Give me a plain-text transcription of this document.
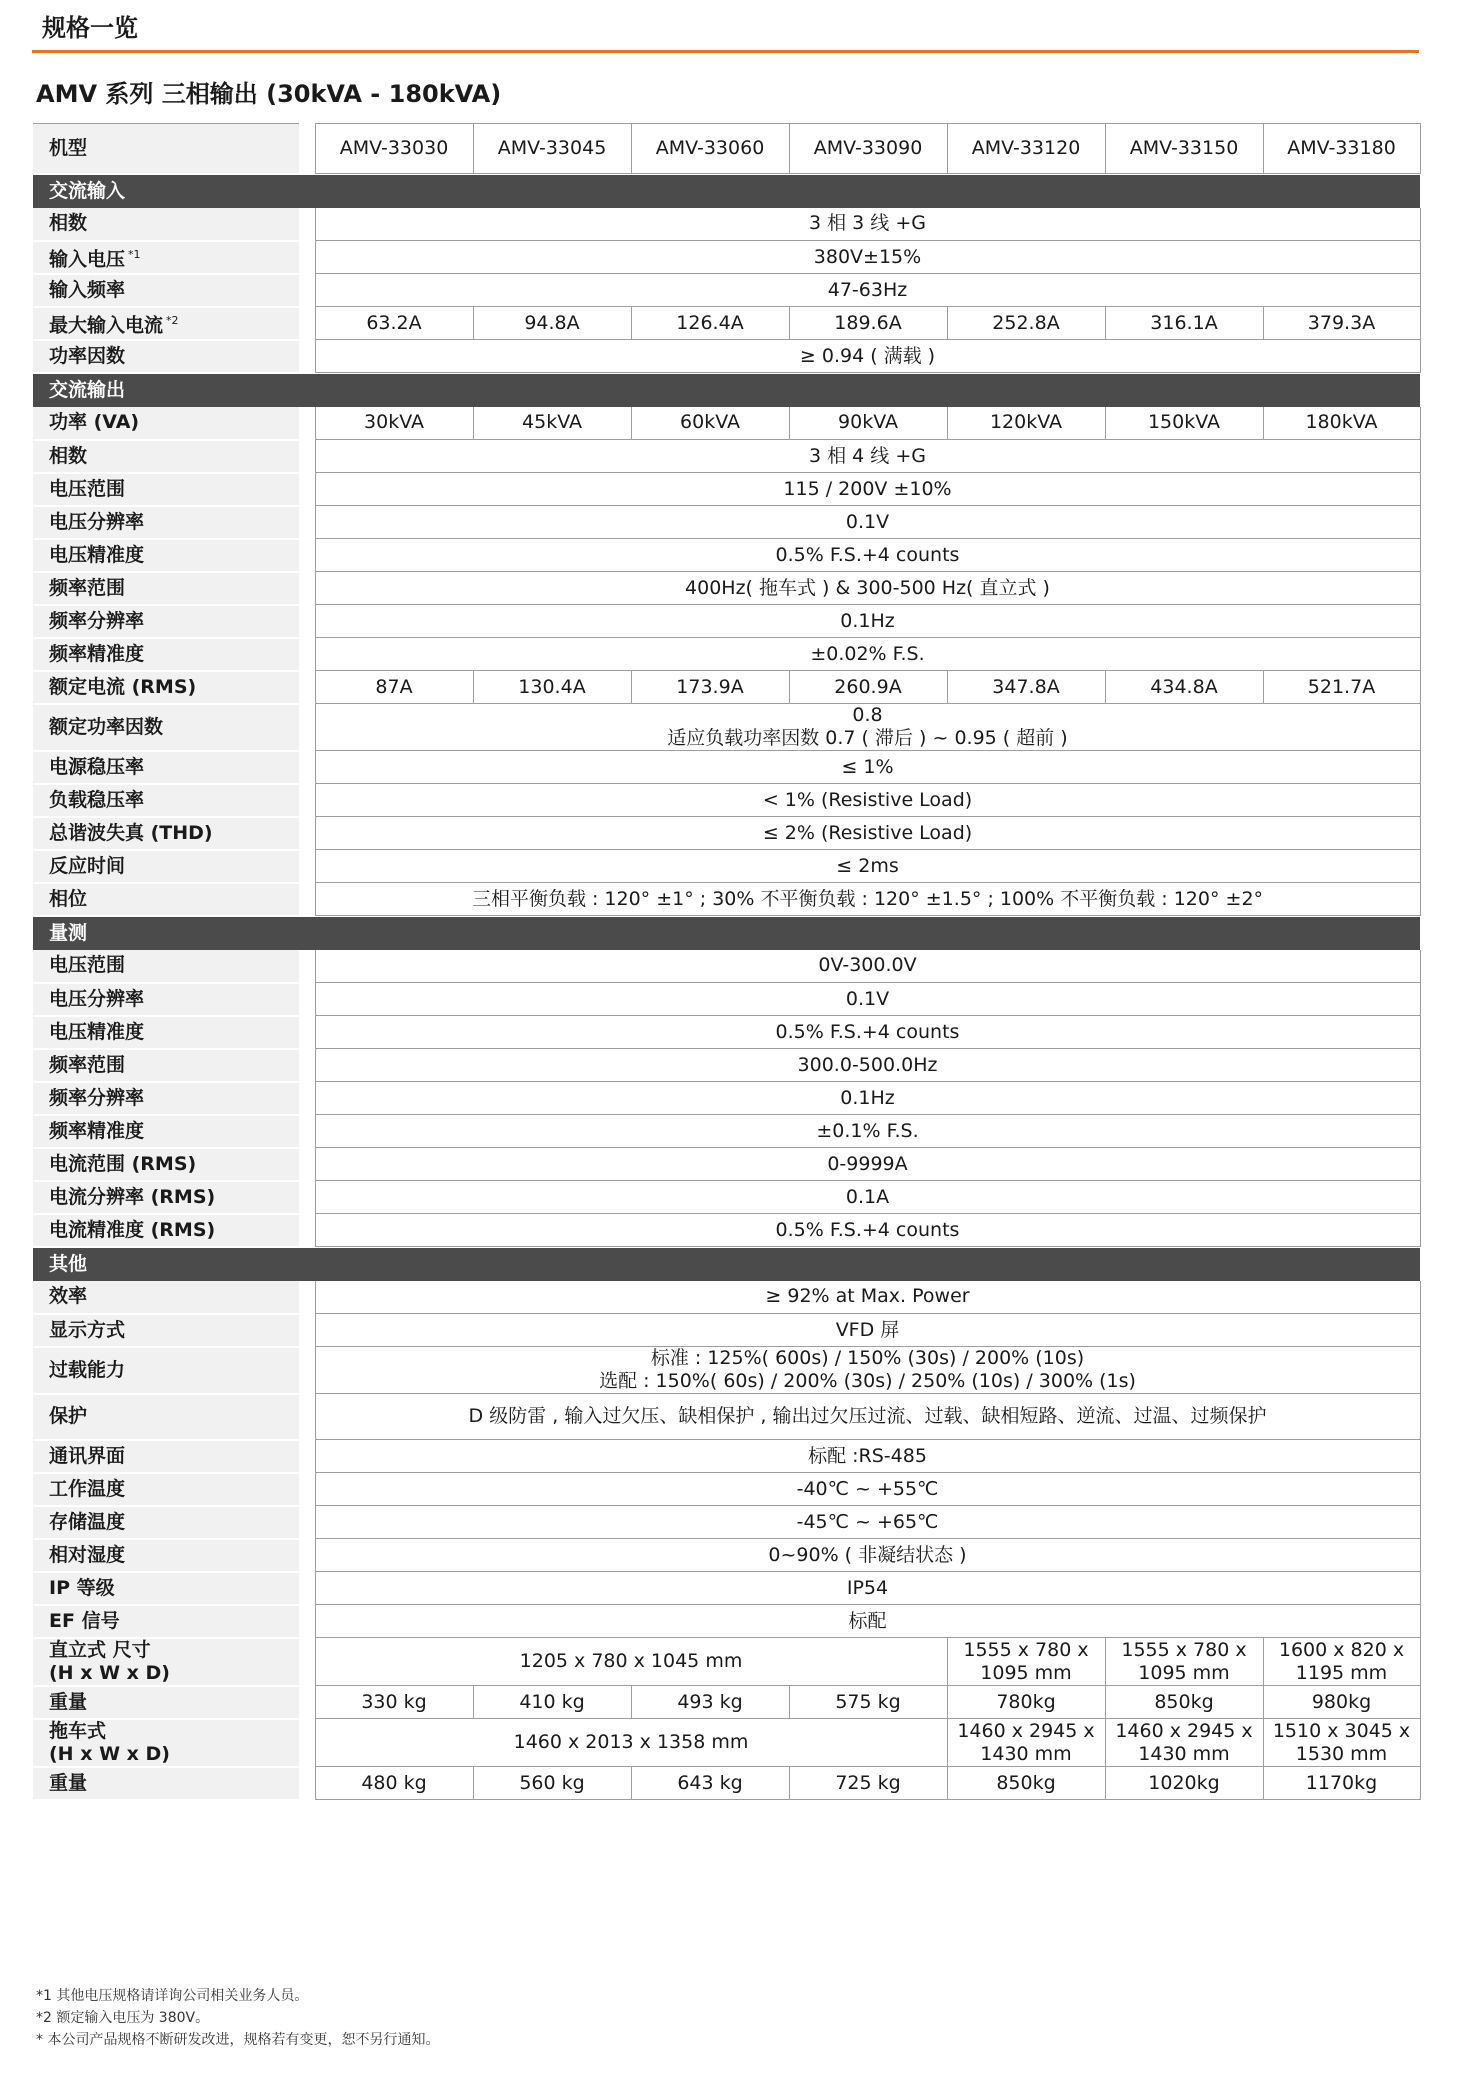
规格一览
AMV 系列 三相输出 (30kVA - 180kVA)
机型		AMV-33030	AMV-33045	AMV-33060	AMV-33090	AMV-33120	AMV-33150	AMV-33180
交流输入								
相数		3 相 3 线 +G						
输入电压 $^{*1}$		380V±15%						
输入频率		47-63Hz						
最大输入电流 $^{*2}$		63.2A	94.8A	126.4A	189.6A	252.8A	316.1A	379.3A
功率因数		≥ 0.94 ( 满载 )						
交流输出								
功率 (VA)		30kVA	45kVA	60kVA	90kVA	120kVA	150kVA	180kVA
相数		3 相 4 线 +G						
电压范围		115 / 200V ±10%						
电压分辨率		0.1V						
电压精准度		0.5% F.S.+4 counts						
频率范围		400Hz( 拖车式 ) & 300-500 Hz( 直立式 )						
频率分辨率		0.1Hz						
频率精准度		±0.02% F.S.						
额定电流 (RMS)		87A	130.4A	173.9A	260.9A	347.8A	434.8A	521.7A
额定功率因数		0.8
适应负载功率因数 0.7 ( 滞后 ) ~ 0.95 ( 超前 )						

电源稳压率		≤ 1%						
负载稳压率		< 1% (Resistive Load)						
总谐波失真 (THD)		≤ 2% (Resistive Load)						
反应时间		≤ 2ms						
相位		三相平衡负载 : 120° ±1° ; 30% 不平衡负载 : 120° ±1.5° ; 100% 不平衡负载 : 120° ±2°						
量测								
电压范围		0V-300.0V						
电压分辨率		0.1V						
电压精准度		0.5% F.S.+4 counts						
频率范围		300.0-500.0Hz						
频率分辨率		0.1Hz						
频率精准度		±0.1% F.S.						
电流范围 (RMS)		0-9999A						
电流分辨率 (RMS)		0.1A						
电流精准度 (RMS)		0.5% F.S.+4 counts						
其他								
效率		≥ 92% at Max. Power						
显示方式		VFD 屏						
过载能力		标准 : 125%( 600s) / 150% (30s) / 200% (10s)
选配 : 150%( 60s) / 200% (30s) / 250% (10s) / 300% (1s)						

保护		D 级防雷 , 输入过欠压、缺相保护 , 输出过欠压过流、过载、缺相短路、逆流、过温、过频保护						
通讯界面		标配 :RS-485						
工作温度		-40℃ ~ +55℃						
存储温度		-45℃ ~ +65℃						
相对湿度		0~90% ( 非凝结状态 )						
IP 等级		IP54						
EF 信号		标配						

直立式 尺寸
(H x W x D)		1205 x 780 x 1045 mm				1555 x 780 x 1095 mm	1555 x 780 x 1095 mm	1600 x 820 x 1195 mm
重量		330 kg	410 kg	493 kg	575 kg	780kg	850kg	980kg

拖车式
(H x W x D)		1460 x 2013 x 1358 mm				1460 x 2945 x 1430 mm	1460 x 2945 x 1430 mm	1510 x 3045 x 1530 mm
重量		480 kg	560 kg	643 kg	725 kg	850kg	1020kg	1170kg
*1 其他电压规格请详询公司相关业务人员。
*2 额定输入电压为 380V。
* 本公司产品规格不断研发改进，规格若有变更，恕不另行通知。
